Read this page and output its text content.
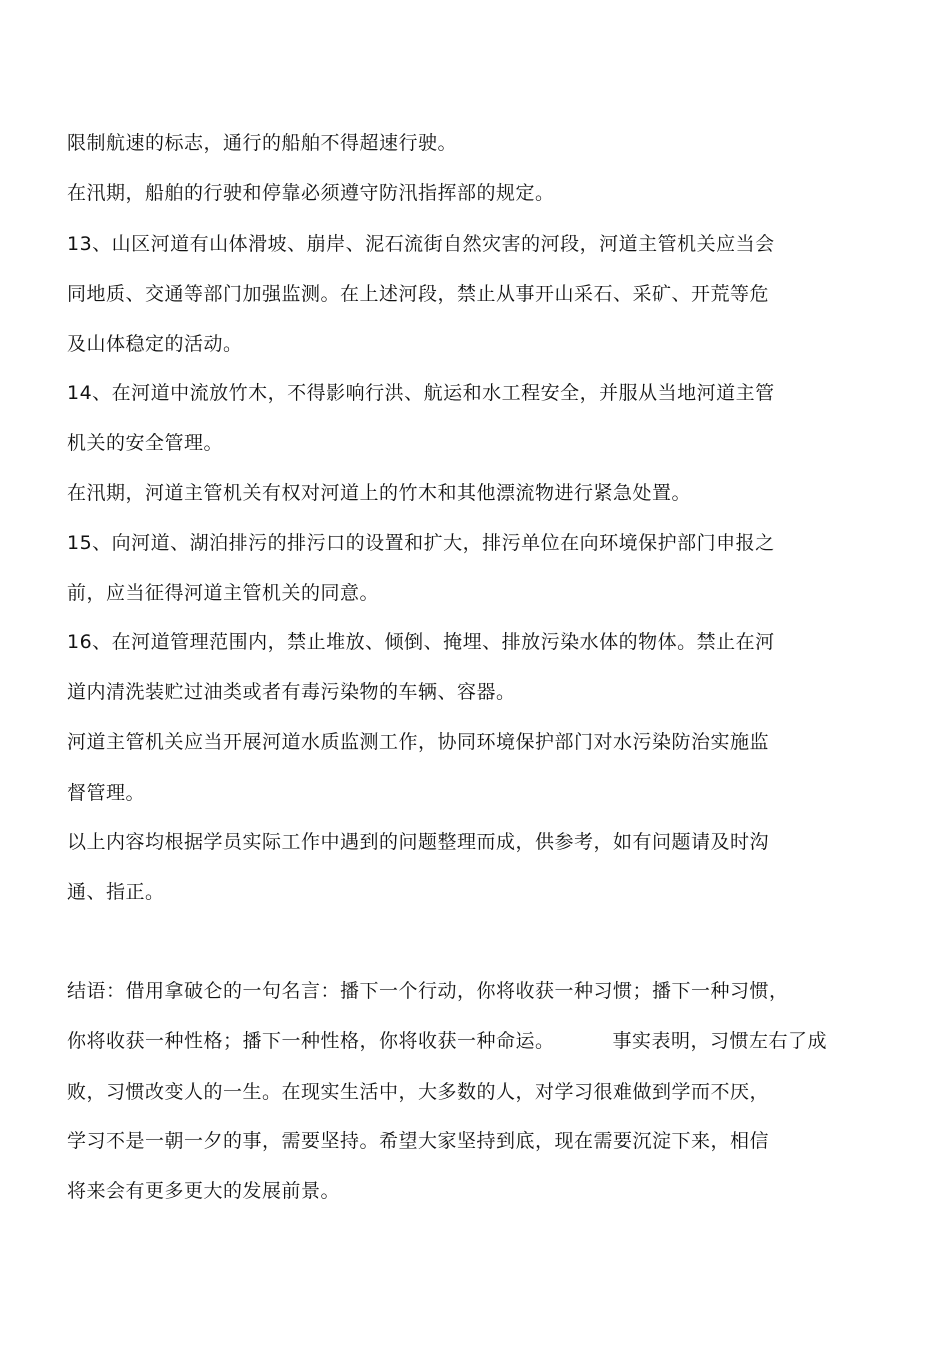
限制航速的标志，通行的船舶不得超速行驶。
在汛期，船舶的行驶和停靠必须遵守防汛指挥部的规定。
13、山区河道有山体滑坡、崩岸、泥石流街自然灾害的河段，河道主管机关应当会
同地质、交通等部门加强监测。在上述河段，禁止从事开山采石、采矿、开荒等危
及山体稳定的活动。
14、在河道中流放竹木，不得影响行洪、航运和水工程安全，并服从当地河道主管
机关的安全管理。
在汛期，河道主管机关有权对河道上的竹木和其他漂流物进行紧急处置。
15、向河道、湖泊排污的排污口的设置和扩大，排污单位在向环境保护部门申报之
前，应当征得河道主管机关的同意。
16、在河道管理范围内，禁止堆放、倾倒、掩埋、排放污染水体的物体。禁止在河
道内清洗装贮过油类或者有毒污染物的车辆、容器。
河道主管机关应当开展河道水质监测工作，协同环境保护部门对水污染防治实施监
督管理。
以上内容均根据学员实际工作中遇到的问题整理而成，供参考，如有问题请及时沟
通、指正。
结语：借用拿破仑的一句名言：播下一个行动，你将收获一种习惯；播下一种习惯，
你将收获一种性格；播下一种性格，你将收获一种命运。	事实表明，习惯左右了成
败，习惯改变人的一生。在现实生活中，大多数的人，对学习很难做到学而不厌，
学习不是一朝一夕的事，需要坚持。希望大家坚持到底，现在需要沉淀下来，相信
将来会有更多更大的发展前景。
